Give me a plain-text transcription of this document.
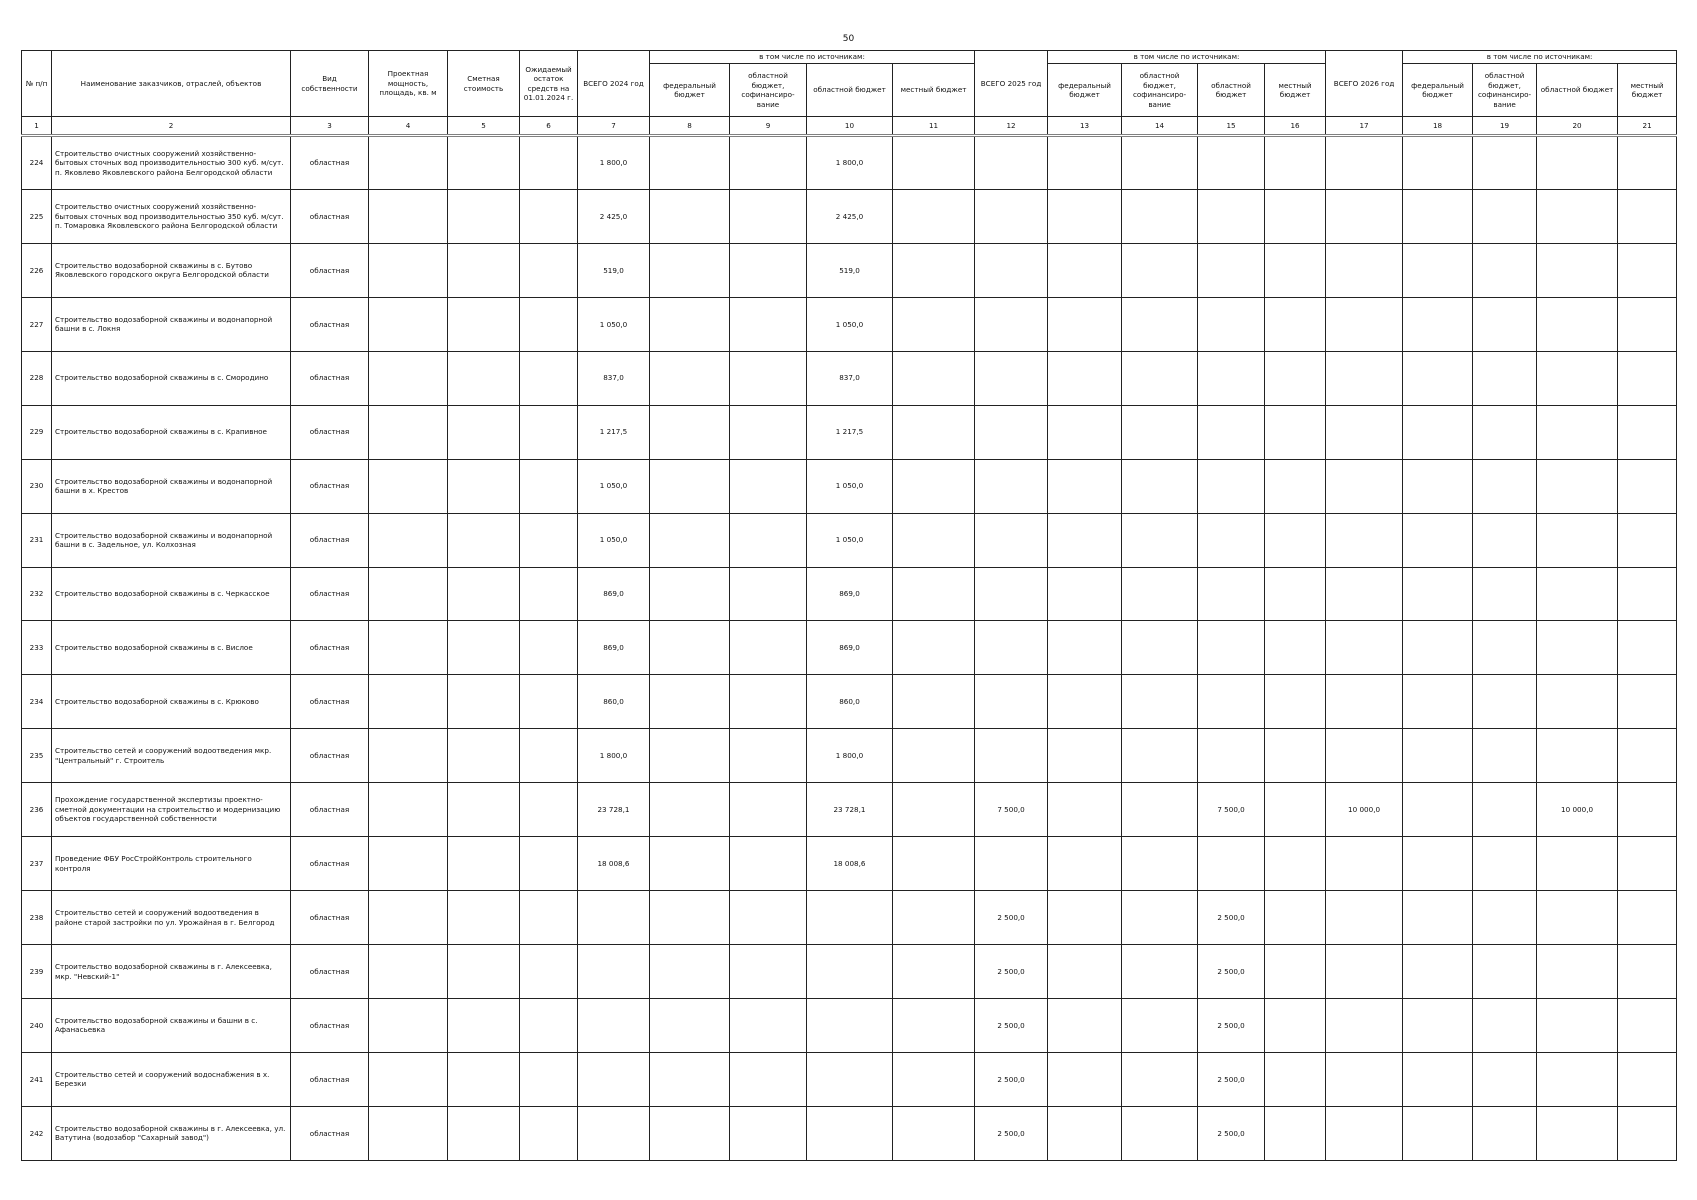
50
№ п/п	Наименование заказчиков, отраслей, объектов	Вид собственности	Проектная мощность, площадь, кв. м	Сметная стоимость	Ожидаемый остаток средств на 01.01.2024 г.	ВСЕГО 2024 год	в том числе по источникам:				ВСЕГО 2025 год	в том числе по источникам:				ВСЕГО 2026 год	в том числе по источникам:			
							федеральный бюджет	областной бюджет, софинансиро-вание	областной бюджет	местный бюджет		федеральный бюджет	областной бюджет, софинансиро-вание	областной бюджет	местный бюджет		федеральный бюджет	областной бюджет, софинансиро-вание	областной бюджет	местный бюджет
1	2	3	4	5	6	7	8	9	10	11	12	13	14	15	16	17	18	19	20	21
224	Строительство очистных сооружений хозяйственно-бытовых сточных вод производительностью 300 куб. м/сут. п. Яковлево Яковлевского района Белгородской области	областная				1 800,0			1 800,0											
225	Строительство очистных сооружений хозяйственно-бытовых сточных вод производительностью 350 куб. м/сут. п. Томаровка Яковлевского района Белгородской области	областная				2 425,0			2 425,0											
226	Строительство водозаборной скважины в с. Бутово Яковлевского городского округа Белгородской области	областная				519,0			519,0											
227	Строительство водозаборной скважины и водонапорной башни в с. Локня	областная				1 050,0			1 050,0											
228	Строительство водозаборной скважины в с. Смородино	областная				837,0			837,0											
229	Строительство водозаборной скважины в с. Крапивное	областная				1 217,5			1 217,5											
230	Строительство водозаборной скважины и водонапорной башни в х. Крестов	областная				1 050,0			1 050,0											
231	Строительство водозаборной скважины и водонапорной башни в с. Задельное, ул. Колхозная	областная				1 050,0			1 050,0											
232	Строительство водозаборной скважины в с. Черкасское	областная				869,0			869,0											
233	Строительство водозаборной скважины в с. Вислое	областная				869,0			869,0											
234	Строительство водозаборной скважины в с. Крюково	областная				860,0			860,0											
235	Строительство сетей и сооружений водоотведения мкр. "Центральный" г. Строитель	областная				1 800,0			1 800,0											
236	Прохождение государственной экспертизы проектно-сметной документации на строительство и модернизацию объектов государственной собственности	областная				23 728,1			23 728,1		7 500,0			7 500,0		10 000,0			10 000,0	
237	Проведение ФБУ РосСтройКонтроль строительного контроля	областная				18 008,6			18 008,6											
238	Строительство сетей и сооружений водоотведения в районе старой застройки по ул. Урожайная в г. Белгород	областная									2 500,0			2 500,0						
239	Строительство водозаборной скважины в г. Алексеевка, мкр. "Невский-1"	областная									2 500,0			2 500,0						
240	Строительство водозаборной скважины и башни в с. Афанасьевка	областная									2 500,0			2 500,0						
241	Строительство сетей и сооружений водоснабжения в х. Березки	областная									2 500,0			2 500,0						
242	Строительство водозаборной скважины в г. Алексеевка, ул. Ватутина (водозабор "Сахарный завод")	областная									2 500,0			2 500,0						
